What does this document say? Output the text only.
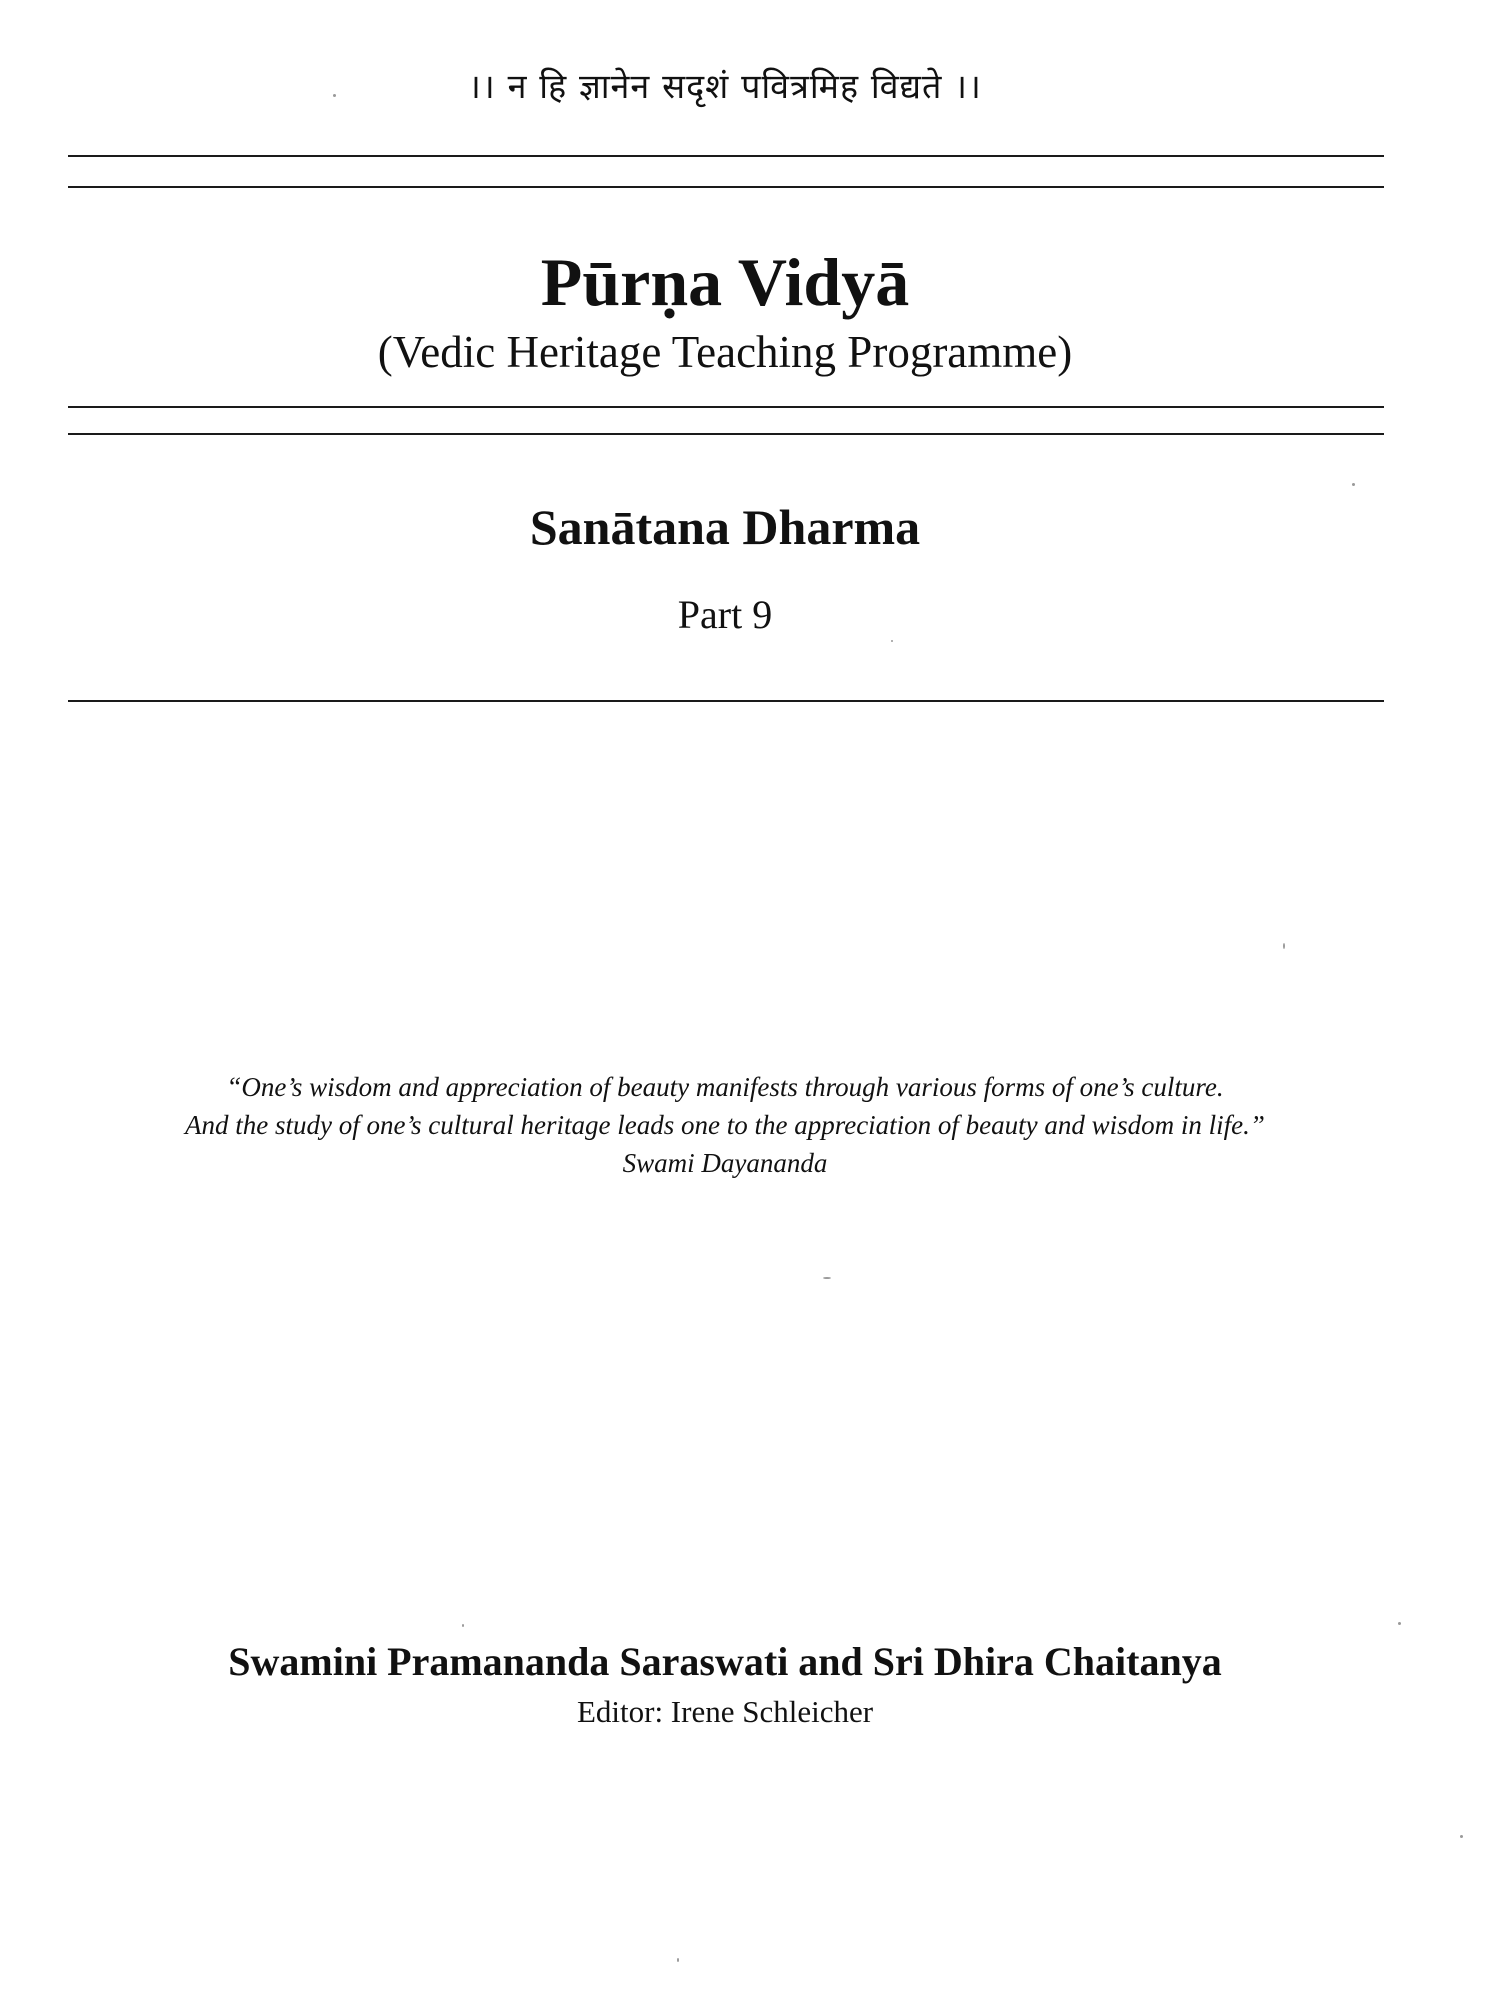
।। न हि ज्ञानेन सदृशं पवित्रमिह विद्यते ।।
Pūrṇa Vidyā
(Vedic Heritage Teaching Programme)
Sanātana Dharma
Part 9
“One’s wisdom and appreciation of beauty manifests through various forms of one’s culture.
And the study of one’s cultural heritage leads one to the appreciation of beauty and wisdom in life.”
Swami Dayananda
Swamini Pramananda Saraswati and Sri Dhira Chaitanya
Editor: Irene Schleicher
